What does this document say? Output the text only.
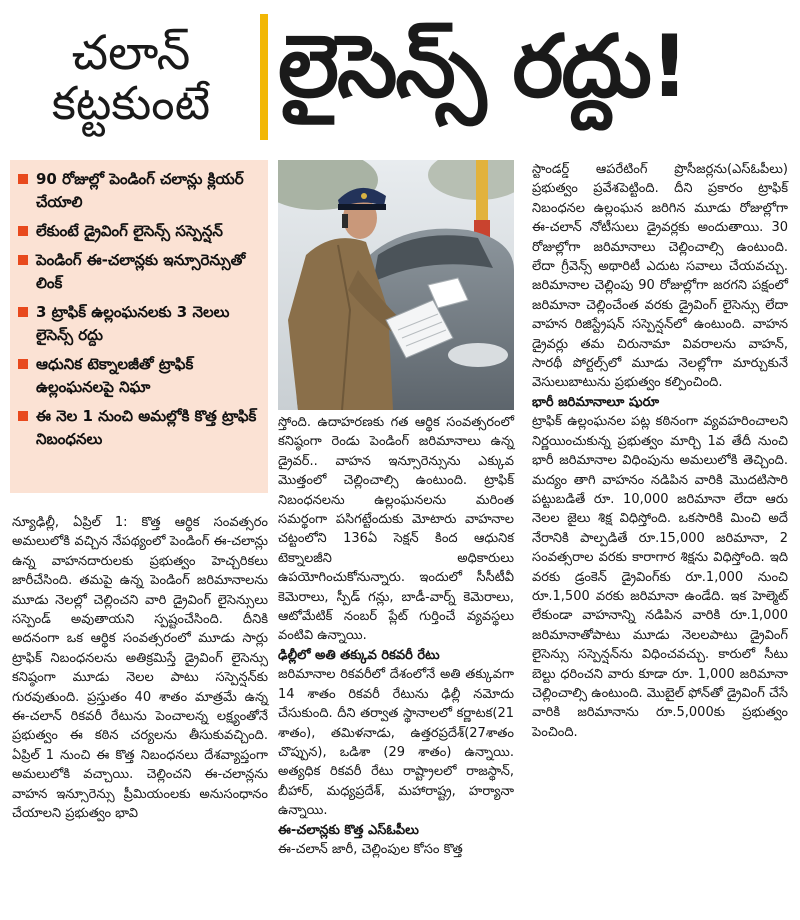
చలాన్
కట్టకుంటే లైసెన్స్ రద్దు!
90 రోజుల్లో పెండింగ్ చలాన్లు క్లియర్ చేయాలి
లేకుంటే డ్రైవింగ్ లైసెన్స్ సస్పెన్షన్
పెండింగ్ ఈ-చలాన్లకు ఇన్సూరెన్సుతో లింక్
3 ట్రాఫిక్ ఉల్లంఘనలకు 3 నెలలు లైసెన్స్ రద్దు
ఆధునిక టెక్నాలజీతో ట్రాఫిక్ ఉల్లంఘనలపై నిఘా
ఈ నెల 1 నుంచి అమల్లోకి కొత్త ట్రాఫిక్ నిబంధనలు

న్యూఢిల్లీ, ఏప్రిల్ 1: కొత్త ఆర్థిక సంవత్సరం అమలులోకి వచ్చిన నేపథ్యంలో పెండింగ్ ఈ-చలాన్లు ఉన్న వాహనదారులకు ప్రభుత్వం హెచ్చరికలు జారీచేసింది. తమపై ఉన్న పెండింగ్ జరిమానాలను మూడు నెలల్లో చెల్లించని వారి డ్రైవింగ్ లైసెన్సులు సస్పెండ్ అవుతాయని స్పష్టంచేసింది. దీనికి అదనంగా ఒక ఆర్థిక సంవత్సరంలో మూడు సార్లు ట్రాఫిక్ నిబంధనలను అతిక్రమిస్తే డ్రైవింగ్ లైసెన్సు కనిష్ఠంగా మూడు నెలల పాటు సస్పెన్షన్‌కు గురవుతుంది. ప్రస్తుతం 40 శాతం మాత్రమే ఉన్న ఈ-చలాన్ రికవరీ రేటును పెంచాలన్న లక్ష్యంతోనే ప్రభుత్వం ఈ కఠిన చర్యలను తీసుకువచ్చింది. ఏప్రిల్ 1 నుంచి ఈ కొత్త నిబంధనలు దేశవ్యాప్తంగా అమలులోకి వచ్చాయి. చెల్లించని ఈ-చలాన్లను వాహన ఇన్సూరెన్సు ప్రీమియంలకు అనుసంధానం చేయాలని ప్రభుత్వం భావి

స్తోంది. ఉదాహరణకు గత ఆర్థిక సంవత్సరంలో కనిష్ఠంగా రెండు పెండింగ్ జరిమానాలు ఉన్న డ్రైవర్.. వాహన ఇన్సూరెన్సును ఎక్కువ మొత్తంలో చెల్లించాల్సి ఉంటుంది. ట్రాఫిక్ నిబంధనలను ఉల్లంఘనలను మరింత సమర్థంగా పసిగట్టేందుకు మోటారు వాహనాల చట్టంలోని 136ఏ సెక్షన్ కింద ఆధునిక టెక్నాలజీని అధికారులు ఉపయోగించుకోనున్నారు. ఇందులో సీసీటీవీ కెమెరాలు, స్పీడ్ గన్లు, బాడీ-వార్న్ కెమెరాలు, ఆటోమేటిక్ నంబర్ ప్లేట్ గుర్తించే వ్యవస్థలు వంటివి ఉన్నాయి.

ఢిల్లీలో అతి తక్కువ రికవరీ రేటు

జరిమానాల రికవరీలో దేశంలోనే అతి తక్కువగా 14 శాతం రికవరీ రేటును ఢిల్లీ నమోదు చేసుకుంది. దీని తర్వాత స్థానాలలో కర్ణాటక(21 శాతం), తమిళనాడు, ఉత్తరప్రదేశ్(27శాతం చొప్పున), ఒడిశా (29 శాతం) ఉన్నాయి. అత్యధిక రికవరీ రేటు రాష్ట్రాలలో రాజస్థాన్, బీహార్, మధ్యప్రదేశ్, మహారాష్ట్ర, హర్యానా ఉన్నాయి.

ఈ-చలాన్లకు కొత్త ఎస్‌ఓపీలు

ఈ-చలాన్ జారీ, చెల్లింపుల కోసం కొత్త

స్టాండర్డ్ ఆపరేటింగ్ ప్రొసీజర్లను(ఎస్‌ఓపీలు) ప్రభుత్వం ప్రవేశపెట్టింది. దీని ప్రకారం ట్రాఫిక్ నిబంధనల ఉల్లంఘన జరిగిన మూడు రోజుల్లోగా ఈ-చలాన్ నోటీసులు డ్రైవర్లకు అందుతాయి. 30 రోజుల్లోగా జరిమానాలు చెల్లించాల్సి ఉంటుంది. లేదా గ్రీవెన్స్ అథారిటీ ఎదుట సవాలు చేయవచ్చు. జరిమానాల చెల్లింపు 90 రోజుల్లోగా జరగని పక్షంలో జరిమానా చెల్లించేంత వరకు డ్రైవింగ్ లైసెన్సు లేదా వాహన రిజిస్ట్రేషన్ సస్పెన్షన్‌లో ఉంటుంది. వాహన డ్రైవర్లు తమ చిరునామా వివరాలను వాహన్, సారథీ పోర్టల్స్‌లో మూడు నెలల్లోగా మార్చుకునే వెసులుబాటును ప్రభుత్వం కల్పించింది.

భారీ జరిమానాలూ షురూ

ట్రాఫిక్ ఉల్లంఘనల పట్ల కఠినంగా వ్యవహరించాలని నిర్ణయించుకున్న ప్రభుత్వం మార్చి 1వ తేదీ నుంచి భారీ జరిమానాల విధింపును అమలులోకి తెచ్చింది. మద్యం తాగి వాహనం నడిపిన వారికి మొదటిసారి పట్టుబడితే రూ. 10,000 జరిమానా లేదా ఆరు నెలల జైలు శిక్ష విధిస్తోంది. ఒకసారికి మించి అదే నేరానికి పాల్పడితే రూ.15,000 జరిమానా, 2 సంవత్సరాల వరకు కారాగార శిక్షను విధిస్తోంది. ఇది వరకు డ్రంకెన్ డ్రైవింగ్‌కు రూ.1,000 నుంచి రూ.1,500 వరకు జరిమానా ఉండేది. ఇక హెల్మెట్ లేకుండా వాహనాన్ని నడిపిన వారికి రూ.1,000 జరిమానాతోపాటు మూడు నెలలపాటు డ్రైవింగ్ లైసెన్సు సస్పెన్షన్‌ను విధించవచ్చు. కారులో సీటు బెల్టు ధరించని వారు కూడా రూ. 1,000 జరిమానా చెల్లించాల్సి ఉంటుంది. మొబైల్ ఫోన్‌తో డ్రైవింగ్ చేసే వారికి జరిమానాను రూ.5,000కు ప్రభుత్వం పెంచింది.
